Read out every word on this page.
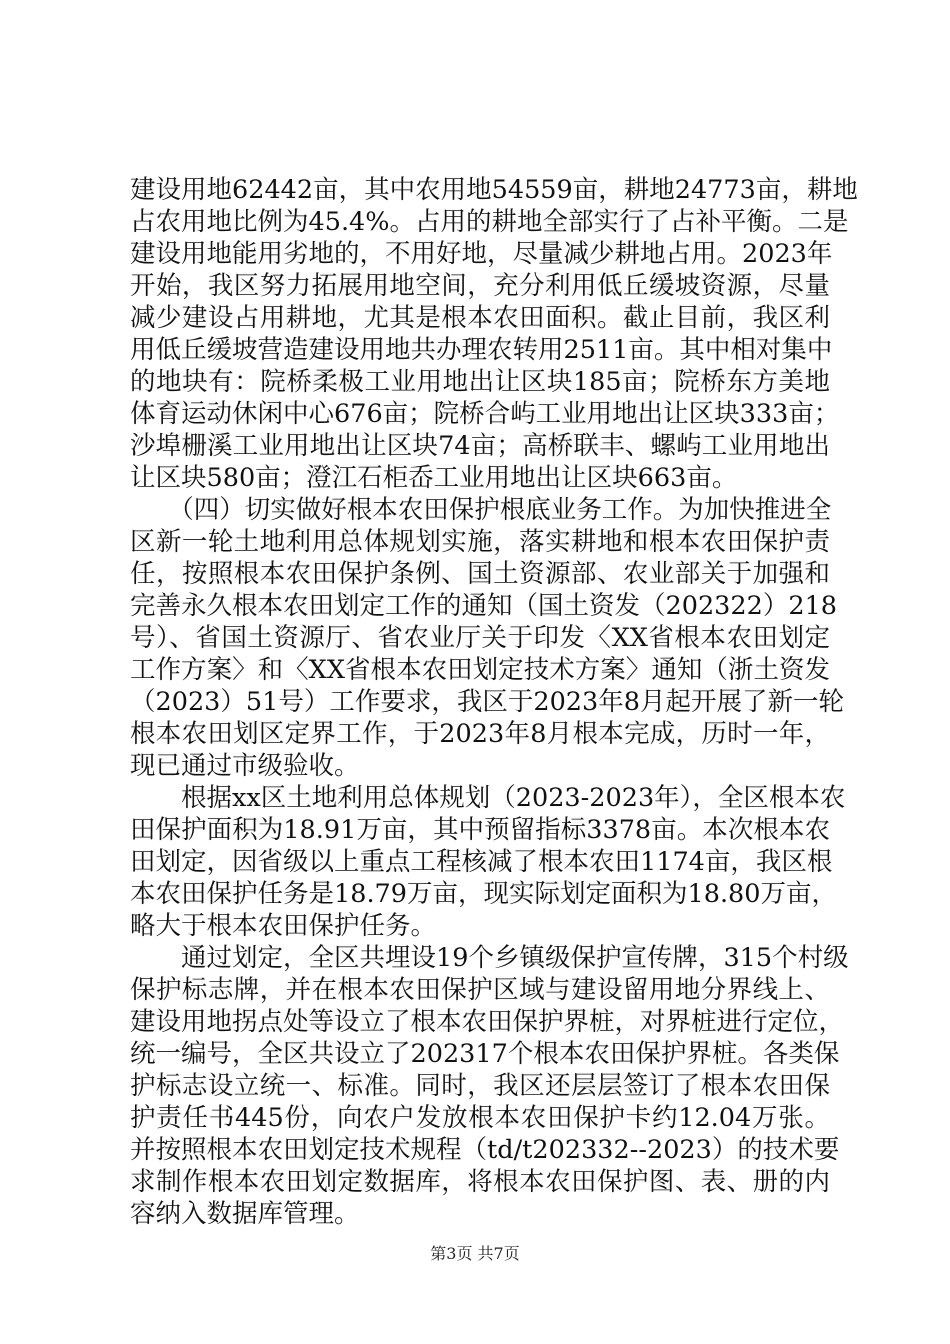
建设用地62442亩，其中农用地54559亩，耕地24773亩，耕地
占农用地比例为45.4%。占用的耕地全部实行了占补平衡。二是
建设用地能用劣地的，不用好地，尽量减少耕地占用。2023年
开始，我区努力拓展用地空间，充分利用低丘缓坡资源，尽量
减少建设占用耕地，尤其是根本农田面积。截止目前，我区利
用低丘缓坡营造建设用地共办理农转用2511亩。其中相对集中
的地块有：院桥柔极工业用地出让区块185亩；院桥东方美地
体育运动休闲中心676亩；院桥合屿工业用地出让区块333亩；
沙埠栅溪工业用地出让区块74亩；高桥联丰、螺屿工业用地出
让区块580亩；澄江石柜岙工业用地出让区块663亩。
　　（四）切实做好根本农田保护根底业务工作。为加快推进全
区新一轮土地利用总体规划实施，落实耕地和根本农田保护责
任，按照根本农田保护条例、国土资源部、农业部关于加强和
完善永久根本农田划定工作的通知（国土资发（202322）218
号）、省国土资源厅、省农业厅关于印发〈XX省根本农田划定
工作方案〉和〈XX省根本农田划定技术方案〉通知（浙土资发
（2023）51号）工作要求，我区于2023年8月起开展了新一轮
根本农田划区定界工作，于2023年8月根本完成，历时一年，
现已通过市级验收。
　　根据xx区土地利用总体规划（2023-2023年），全区根本农
田保护面积为18.91万亩，其中预留指标3378亩。本次根本农
田划定，因省级以上重点工程核减了根本农田1174亩，我区根
本农田保护任务是18.79万亩，现实际划定面积为18.80万亩，
略大于根本农田保护任务。
　　通过划定，全区共埋设19个乡镇级保护宣传牌，315个村级
保护标志牌，并在根本农田保护区域与建设留用地分界线上、
建设用地拐点处等设立了根本农田保护界桩，对界桩进行定位，
统一编号，全区共设立了202317个根本农田保护界桩。各类保
护标志设立统一、标准。同时，我区还层层签订了根本农田保
护责任书445份，向农户发放根本农田保护卡约12.04万张。
并按照根本农田划定技术规程（td/t202332--2023）的技术要
求制作根本农田划定数据库，将根本农田保护图、表、册的内
容纳入数据库管理。
第3页 共7页
